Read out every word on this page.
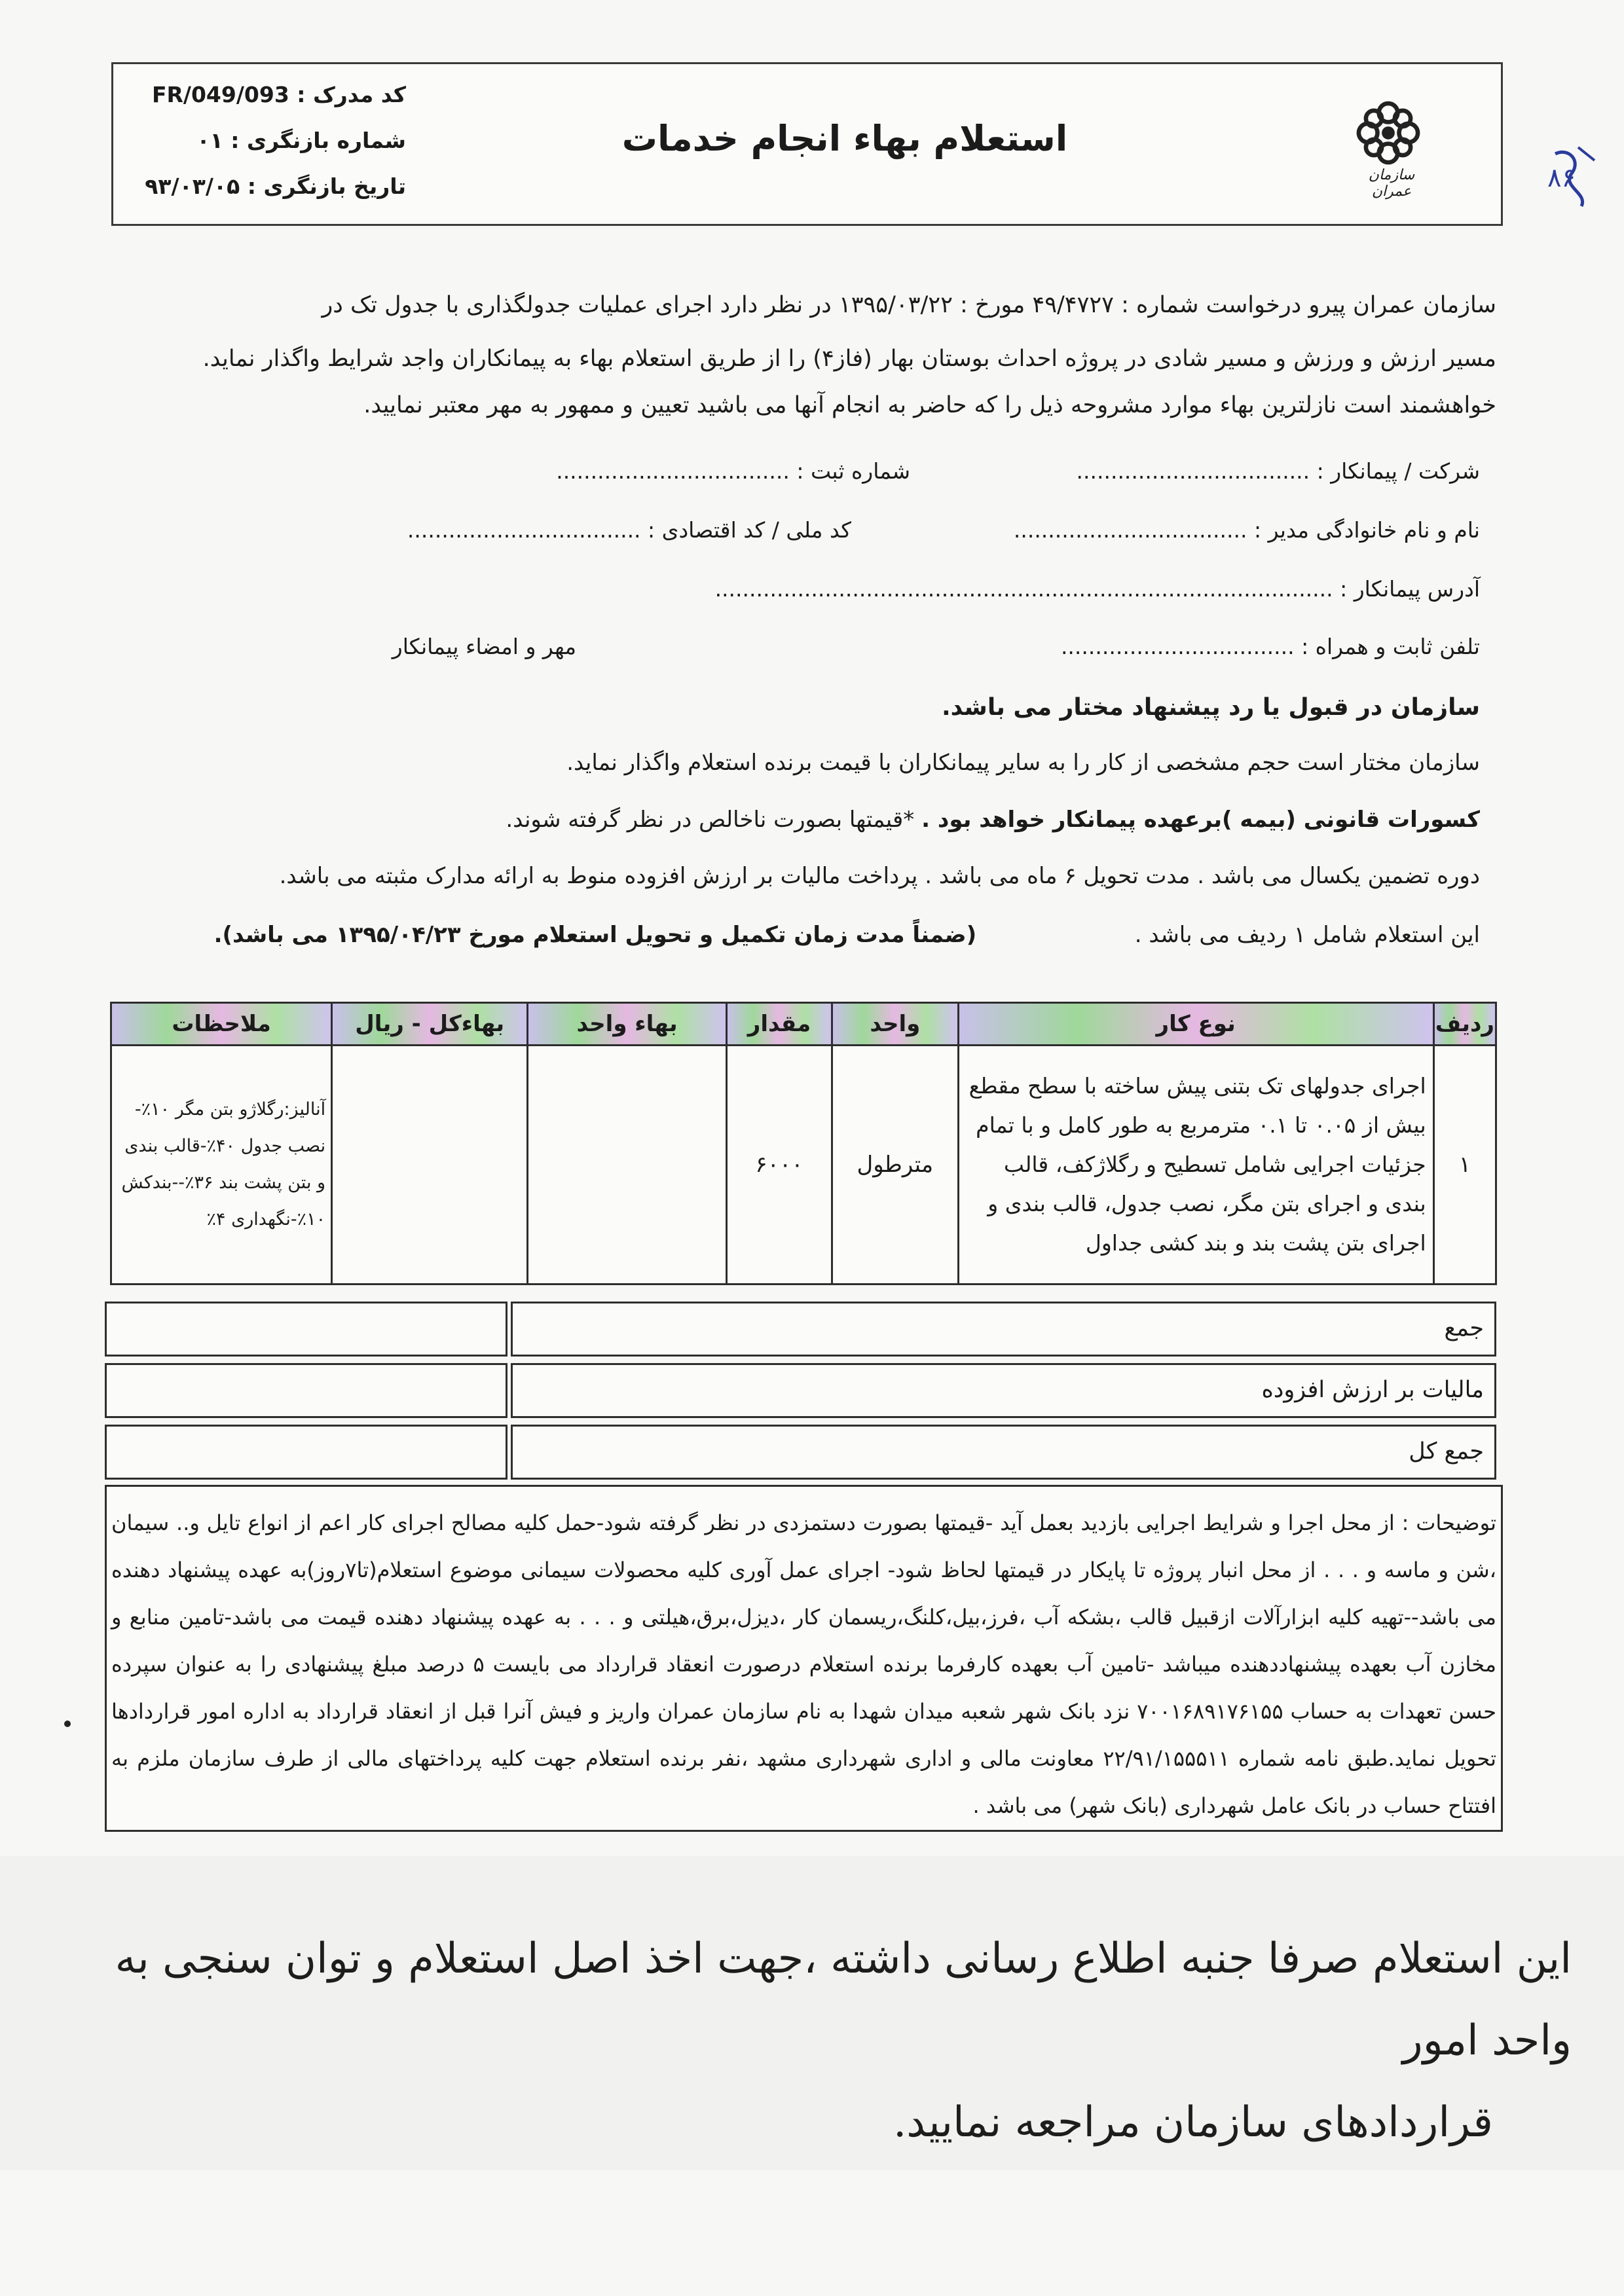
استعلام بهاء انجام خدمات
کد مدرک : FR/049/093
شماره بازنگری : ۰۱
تاریخ بازنگری : ۹۳/۰۳/۰۵	سازمان عمران	۸۶
سازمان عمران پیرو درخواست شماره : ۴۹/۴۷۲۷ مورخ : ۱۳۹۵/۰۳/۲۲ در نظر دارد اجرای عملیات جدولگذاری با جدول تک در
مسیر ارزش و ورزش و مسیر شادی در پروژه احداث بوستان بهار (فاز۴) را از طریق استعلام بهاء به پیمانکاران واجد شرایط واگذار نماید.
خواهشمند است نازلترین بهاء موارد مشروحه ذیل را که حاضر به انجام آنها می باشید تعیین و ممهور به مهر معتبر نمایید.
شرکت / پیمانکار : ..................................
شماره ثبت : ..................................
نام و نام خانوادگی مدیر : ..................................
کد ملی / کد اقتصادی : ..................................
آدرس پیمانکار : ..........................................................................................
تلفن ثابت و همراه : ..................................
مهر و امضاء پیمانکار
سازمان در قبول یا رد پیشنهاد مختار می باشد.
سازمان مختار است حجم مشخصی از کار را به سایر پیمانکاران با قیمت برنده استعلام واگذار نماید.
کسورات قانونی (بیمه )برعهده پیمانکار خواهد بود . *قیمتها بصورت ناخالص در نظر گرفته شوند.
دوره تضمین یکسال می باشد . مدت تحویل ۶ ماه می باشد . پرداخت مالیات بر ارزش افزوده منوط به ارائه مدارک مثبته می باشد.
این استعلام شامل ۱ ردیف می باشد .  (ضمناً مدت زمان تکمیل و تحویل استعلام مورخ ۱۳۹۵/۰۴/۲۳ می باشد).
ردیف	نوع کار	واحد	مقدار	بهاء واحد	بهاءکل - ریال	ملاحظات
۱	اجرای جدولهای تک بتنی پیش ساخته با سطح مقطع بیش از ۰.۰۵ تا ۰.۱ مترمربع به طور کامل و با تمام جزئیات اجرایی شامل تسطیح و رگلاژکف، قالب بندی و اجرای بتن مگر، نصب جدول، قالب بندی و اجرای بتن پشت بند و بند کشی جداول	مترطول	۶۰۰۰			آنالیز:رگلاژو بتن مگر ۱۰٪-نصب جدول ۴۰٪-قالب بندی و بتن پشت بند ۳۶٪--بندکش ۱۰٪-نگهداری ۴٪
جمع
مالیات بر ارزش افزوده
جمع کل
توضیحات : از محل اجرا و شرایط اجرایی بازدید بعمل آید -قیمتها بصورت دستمزدی در نظر گرفته شود-حمل کلیه مصالح اجرای کار اعم از انواع تایل و.. سیمان ،شن و ماسه و . . . از محل انبار پروژه تا پایکار در قیمتها لحاظ شود- اجرای عمل آوری کلیه محصولات سیمانی موضوع استعلام(تا۷روز)به عهده پیشنهاد دهنده می باشد--تهیه کلیه ابزارآلات ازقبیل قالب ،بشکه آب ،فرز،بیل،کلنگ،ریسمان کار ،دیزل،برق،هیلتی و . . . به عهده پیشنهاد دهنده قیمت می باشد-تامین منابع و مخازن آب بعهده پیشنهاددهنده میباشد -تامین آب بعهده کارفرما برنده استعلام درصورت انعقاد قرارداد می بایست ۵ درصد مبلغ پیشنهادی را به عنوان سپرده حسن تعهدات به حساب ۷۰۰۱۶۸۹۱۷۶۱۵۵ نزد بانک شهر شعبه میدان شهدا به نام سازمان عمران واریز و فیش آنرا قبل از انعقاد قرارداد به اداره امور قراردادها تحویل نماید.طبق نامه شماره ۲۲/۹۱/۱۵۵۵۱۱ معاونت مالی و اداری شهرداری مشهد ،نفر برنده استعلام جهت کلیه پرداختهای مالی از طرف سازمان ملزم به افتتاح حساب در بانک عامل شهرداری (بانک شهر) می باشد .
این استعلام صرفا جنبه اطلاع رسانی داشته ،جهت اخذ اصل استعلام و توان سنجی به واحد امور
قراردادهای سازمان مراجعه نمایید.
